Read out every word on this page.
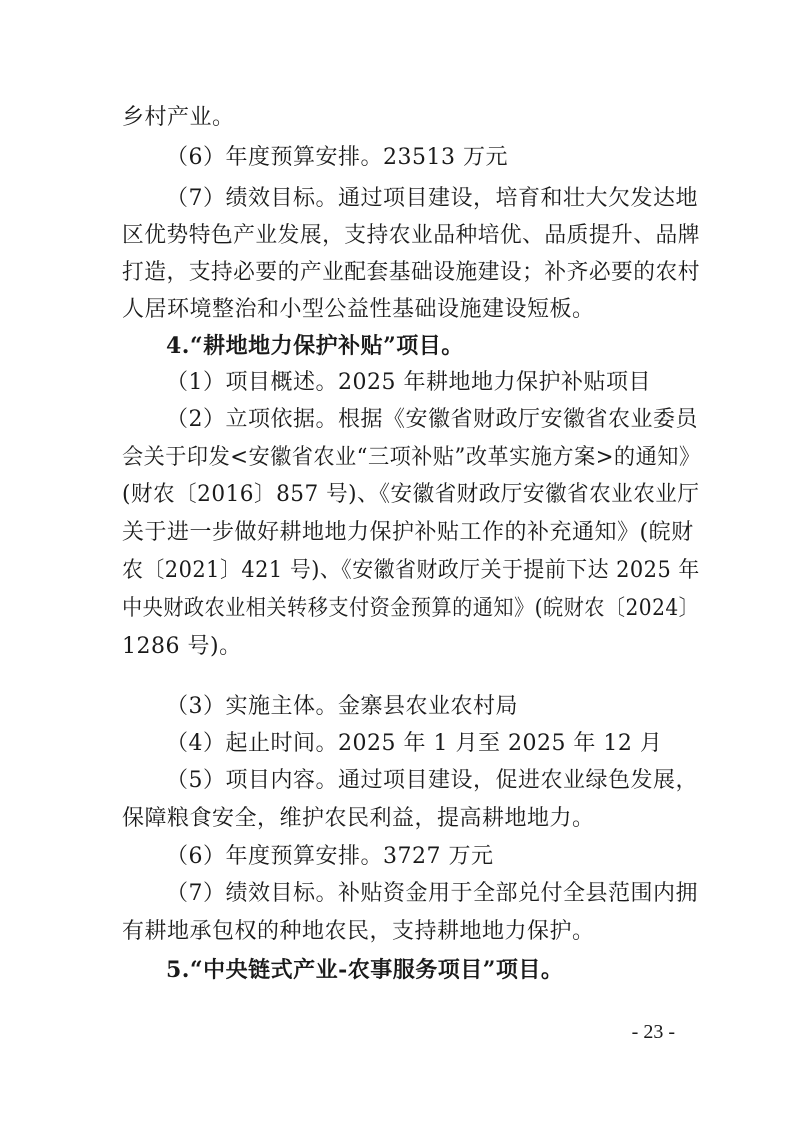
乡村产业。
（6）年度预算安排。23513 万元
（7）绩效目标。通过项目建设，培育和壮大欠发达地
区优势特色产业发展，支持农业品种培优、品质提升、品牌
打造，支持必要的产业配套基础设施建设；补齐必要的农村
人居环境整治和小型公益性基础设施建设短板。
4.“耕地地力保护补贴”项目。
（1）项目概述。2025 年耕地地力保护补贴项目
（2）立项依据。根据《安徽省财政厅安徽省农业委员
会关于印发<安徽省农业“三项补贴”改革实施方案>的通知》
(财农〔2016〕857 号)、《安徽省财政厅安徽省农业农业厅
关于进一步做好耕地地力保护补贴工作的补充通知》(皖财
农〔2021〕421 号)、《安徽省财政厅关于提前下达 2025 年
中央财政农业相关转移支付资金预算的通知》(皖财农〔2024〕
1286 号)。
（3）实施主体。金寨县农业农村局
（4）起止时间。2025 年 1 月至 2025 年 12 月
（5）项目内容。通过项目建设，促进农业绿色发展，
保障粮食安全，维护农民利益，提高耕地地力。
（6）年度预算安排。3727 万元
（7）绩效目标。补贴资金用于全部兑付全县范围内拥
有耕地承包权的种地农民，支持耕地地力保护。
5.“中央链式产业-农事服务项目”项目。
- 23 -
